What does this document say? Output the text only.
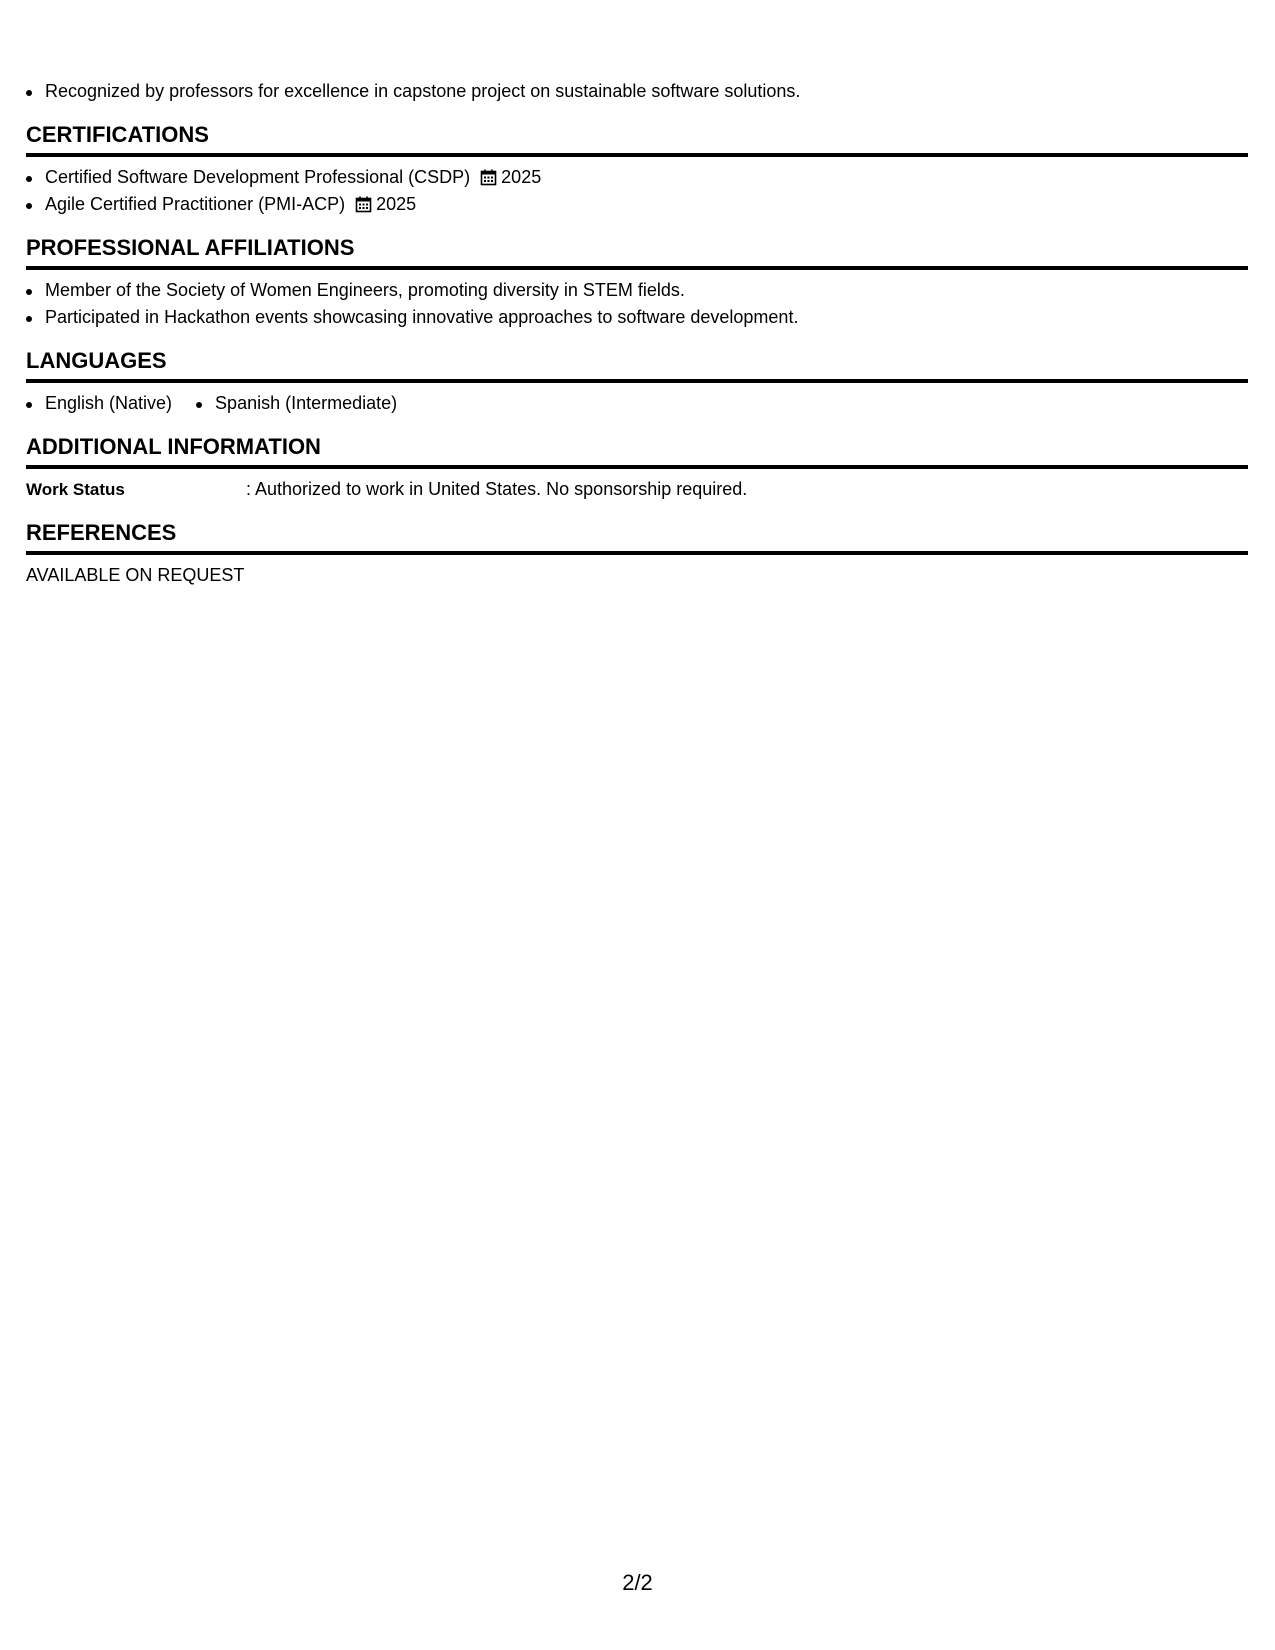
Recognized by professors for excellence in capstone project on sustainable software solutions.
CERTIFICATIONS
Certified Software Development Professional (CSDP) 2025
Agile Certified Practitioner (PMI-ACP) 2025
PROFESSIONAL AFFILIATIONS
Member of the Society of Women Engineers, promoting diversity in STEM fields.
Participated in Hackathon events showcasing innovative approaches to software development.
LANGUAGES
English (Native)	Spanish (Intermediate)
ADDITIONAL INFORMATION
Work Status	: Authorized to work in United States. No sponsorship required.
REFERENCES
AVAILABLE ON REQUEST
2/2
